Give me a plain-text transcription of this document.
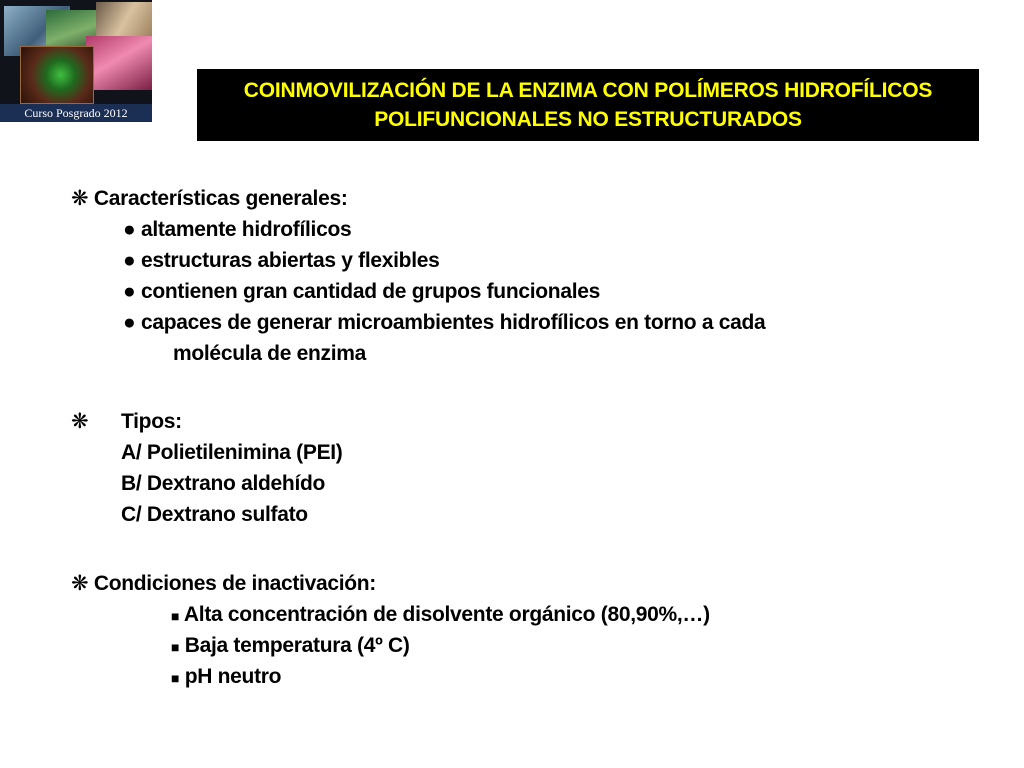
Curso Posgrado 2012
COINMOVILIZACIÓN DE LA ENZIMA CON POLÍMEROS HIDROFÍLICOS
POLIFUNCIONALES NO ESTRUCTURADOS
❋ Características generales:
● altamente hidrofílicos
● estructuras abiertas y flexibles
● contienen gran cantidad de grupos funcionales
● capaces de generar microambientes hidrofílicos en torno a cada
molécula de enzima
❋ Tipos:
A/ Polietilenimina (PEI)
B/ Dextrano aldehído
C/ Dextrano sulfato
❋ Condiciones de inactivación:
■ Alta concentración de disolvente orgánico (80,90%,…)
■ Baja temperatura (4º C)
■ pH neutro
